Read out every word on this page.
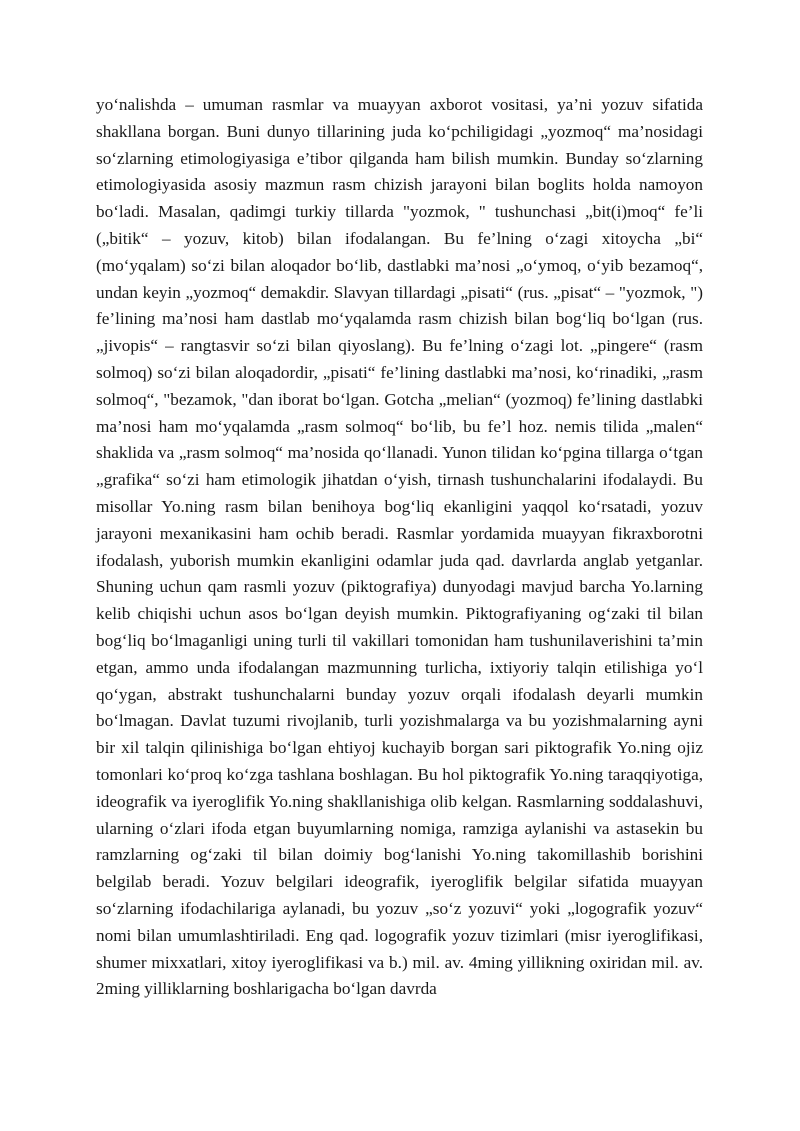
yo‘nalishda – umuman rasmlar va muayyan axborot vositasi, ya’ni yozuv sifatida shakllana borgan. Buni dunyo tillarining juda ko‘pchiligidagi „yozmoq“ ma’nosidagi so‘zlarning etimologiyasiga e’tibor qilganda ham bilish mumkin. Bunday so‘zlarning etimologiyasida asosiy mazmun rasm chizish jarayoni bilan boglits holda namoyon bo‘ladi. Masalan, qadimgi turkiy tillarda "yozmok, " tushunchasi „bit(i)moq“ fe’li („bitik“ – yozuv, kitob) bilan ifodalangan. Bu fe’lning o‘zagi xitoycha „bi“ (mo‘yqalam) so‘zi bilan aloqador bo‘lib, dastlabki ma’nosi „o‘ymoq, o‘yib bezamoq“, undan keyin „yozmoq“ demakdir. Slavyan tillardagi „pisati“ (rus. „pisat“ – "yozmok, ") fe’lining ma’nosi ham dastlab mo‘yqalamda rasm chizish bilan bog‘liq bo‘lgan (rus. „jivopis“ – rangtasvir so‘zi bilan qiyoslang). Bu fe’lning o‘zagi lot. „pingere“ (rasm solmoq) so‘zi bilan aloqadordir, „pisati“ fe’lining dastlabki ma’nosi, ko‘rinadiki, „rasm solmoq“, "bezamok, "dan iborat bo‘lgan. Gotcha „melian“ (yozmoq) fe’lining dastlabki ma’nosi ham mo‘yqalamda „rasm solmoq“ bo‘lib, bu fe’l hoz. nemis tilida „malen“ shaklida va „rasm solmoq“ ma’nosida qo‘llanadi. Yunon tilidan ko‘pgina tillarga o‘tgan „grafika“ so‘zi ham etimologik jihatdan o‘yish, tirnash tushunchalarini ifodalaydi. Bu misollar Yo.ning rasm bilan benihoya bog‘liq ekanligini yaqqol ko‘rsatadi, yozuv jarayoni mexanikasini ham ochib beradi. Rasmlar yordamida muayyan fikraxborotni ifodalash, yuborish mumkin ekanligini odamlar juda qad. davrlarda anglab yetganlar. Shuning uchun qam rasmli yozuv (piktografiya) dunyodagi mavjud barcha Yo.larning kelib chiqishi uchun asos bo‘lgan deyish mumkin. Piktografiyaning og‘zaki til bilan bog‘liq bo‘lmaganligi uning turli til vakillari tomonidan ham tushunilaverishini ta’min etgan, ammo unda ifodalangan mazmunning turlicha, ixtiyoriy talqin etilishiga yo‘l qo‘ygan, abstrakt tushunchalarni bunday yozuv orqali ifodalash deyarli mumkin bo‘lmagan. Davlat tuzumi rivojlanib, turli yozishmalarga va bu yozishmalarning ayni bir xil talqin qilinishiga bo‘lgan ehtiyoj kuchayib borgan sari piktografik Yo.ning ojiz tomonlari ko‘proq ko‘zga tashlana boshlagan. Bu hol piktografik Yo.ning taraqqiyotiga, ideografik va iyeroglifik Yo.ning shakllanishiga olib kelgan. Rasmlarning soddalashuvi, ularning o‘zlari ifoda etgan buyumlarning nomiga, ramziga aylanishi va astasekin bu ramzlarning og‘zaki til bilan doimiy bog‘lanishi Yo.ning takomillashib borishini belgilab beradi. Yozuv belgilari ideografik, iyeroglifik belgilar sifatida muayyan so‘zlarning ifodachilariga aylanadi, bu yozuv „so‘z yozuvi“ yoki „logografik yozuv“ nomi bilan umumlashtiriladi. Eng qad. logografik yozuv tizimlari (misr iyeroglifikasi, shumer mixxatlari, xitoy iyeroglifikasi va b.) mil. av. 4ming yillikning oxiridan mil. av. 2ming yilliklarning boshlarigacha bo‘lgan davrda
